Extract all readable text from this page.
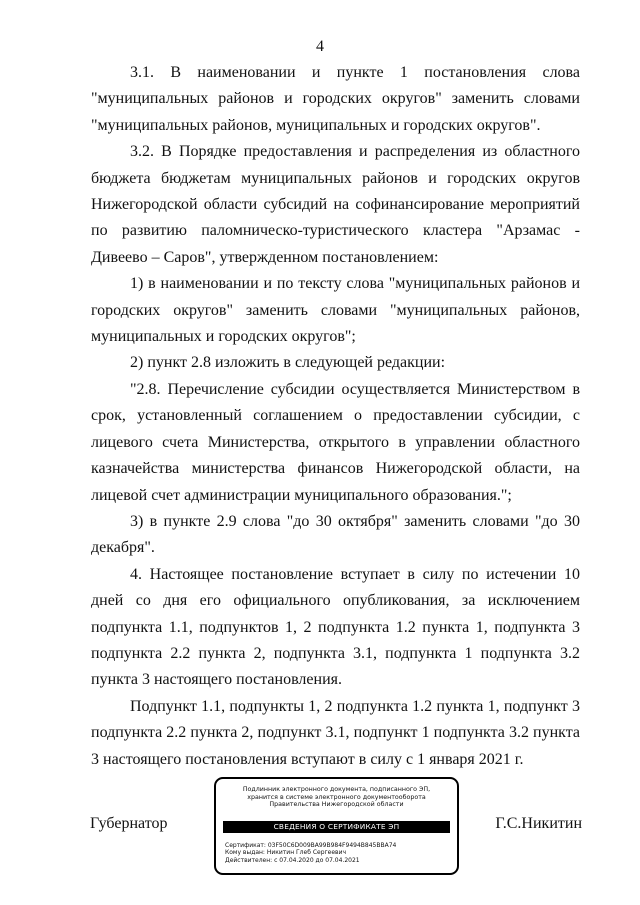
4

3.1. В наименовании и пункте 1 постановления слова "муниципальных районов и городских округов" заменить словами "муниципальных районов, муниципальных и городских округов".

3.2. В Порядке предоставления и распределения из областного бюджета бюджетам муниципальных районов и городских округов Нижегородской области субсидий на софинансирование мероприятий по развитию паломническо-туристического кластера "Арзамас - Дивеево – Саров", утвержденном постановлением:

1) в наименовании и по тексту слова "муниципальных районов и городских округов" заменить словами "муниципальных районов, муниципальных и городских округов";

2) пункт 2.8 изложить в следующей редакции:

"2.8. Перечисление субсидии осуществляется Министерством в срок, установленный соглашением о предоставлении субсидии, с лицевого счета Министерства, открытого в управлении областного казначейства министерства финансов Нижегородской области, на лицевой счет администрации муниципального образования.";

3) в пункте 2.9 слова "до 30 октября" заменить словами "до 30 декабря".

4. Настоящее постановление вступает в силу по истечении 10 дней со дня его официального опубликования, за исключением подпункта 1.1, подпунктов 1, 2 подпункта 1.2 пункта 1, подпункта 3 подпункта 2.2 пункта 2, подпункта 3.1, подпункта 1 подпункта 3.2 пункта 3 настоящего постановления.

Подпункт 1.1, подпункты 1, 2 подпункта 1.2 пункта 1, подпункт 3 подпункта 2.2 пункта 2, подпункт 3.1, подпункт 1 подпункта 3.2 пункта 3 настоящего постановления вступают в силу с 1 января 2021 г.

Губернатор
Подлинник электронного документа, подписанного ЭП,
хранится в системе электронного документооборота
Правительства Нижегородской области
СВЕДЕНИЯ О СЕРТИФИКАТЕ ЭП
Сертификат: 03F50C6D009BA99B984F9494B845BBA74
Кому выдан: Никитин Глеб Сергеевич
Действителен: с 07.04.2020 до 07.04.2021
Г.С.Никитин
